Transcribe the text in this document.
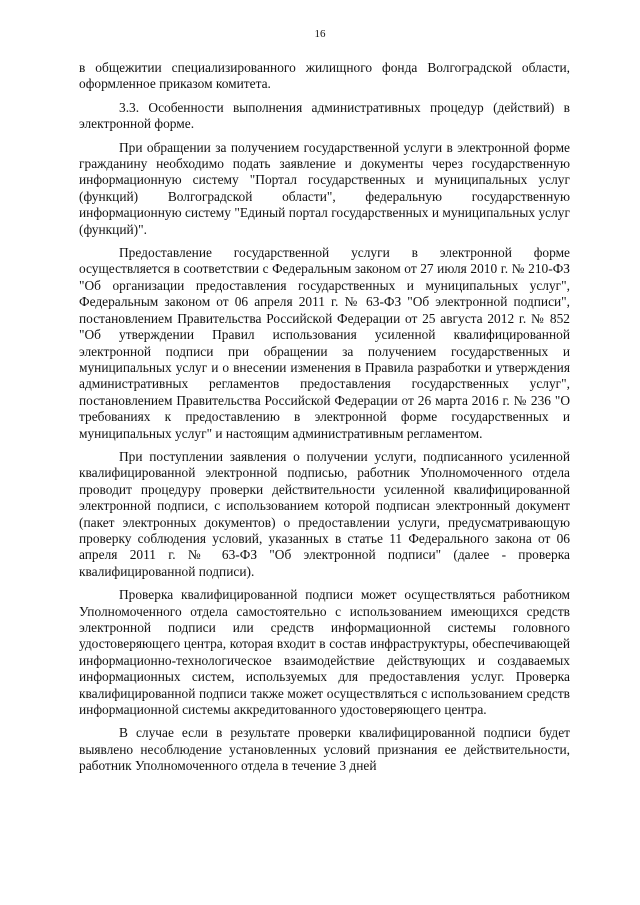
16

в общежитии специализированного жилищного фонда Волгоградской области, оформленное приказом комитета.

3.3. Особенности выполнения административных процедур (действий) в электронной форме.

При обращении за получением государственной услуги в электронной форме гражданину необходимо подать заявление и документы через государственную информационную систему "Портал государственных и муниципальных услуг (функций) Волгоградской области", федеральную государственную информационную систему "Единый портал государственных и муниципальных услуг (функций)".

Предоставление государственной услуги в электронной форме осуществляется в соответствии с Федеральным законом от 27 июля 2010 г. № 210-ФЗ "Об организации предоставления государственных и муниципальных услуг", Федеральным законом от 06 апреля 2011 г. № 63-ФЗ "Об электронной подписи", постановлением Правительства Российской Федерации от 25 августа 2012 г. № 852 "Об утверждении Правил использования усиленной квалифицированной электронной подписи при обращении за получением государственных и муниципальных услуг и о внесении изменения в Правила разработки и утверждения административных регламентов предоставления государственных услуг", постановлением Правительства Российской Федерации от 26 марта 2016 г. № 236 "О требованиях к предоставлению в электронной форме государственных и муниципальных услуг" и настоящим административным регламентом.

При поступлении заявления о получении услуги, подписанного усиленной квалифицированной электронной подписью, работник Уполномоченного отдела проводит процедуру проверки действительности усиленной квалифицированной электронной подписи, с использованием которой подписан электронный документ (пакет электронных документов) о предоставлении услуги, предусматривающую проверку соблюдения условий, указанных в статье 11 Федерального закона от 06 апреля 2011 г. № 63-ФЗ "Об электронной подписи" (далее - проверка квалифицированной подписи).

Проверка квалифицированной подписи может осуществляться работником Уполномоченного отдела самостоятельно с использованием имеющихся средств электронной подписи или средств информационной системы головного удостоверяющего центра, которая входит в состав инфраструктуры, обеспечивающей информационно-технологическое взаимодействие действующих и создаваемых информационных систем, используемых для предоставления услуг. Проверка квалифицированной подписи также может осуществляться с использованием средств информационной системы аккредитованного удостоверяющего центра.

В случае если в результате проверки квалифицированной подписи будет выявлено несоблюдение установленных условий признания ее действительности, работник Уполномоченного отдела в течение 3 дней
